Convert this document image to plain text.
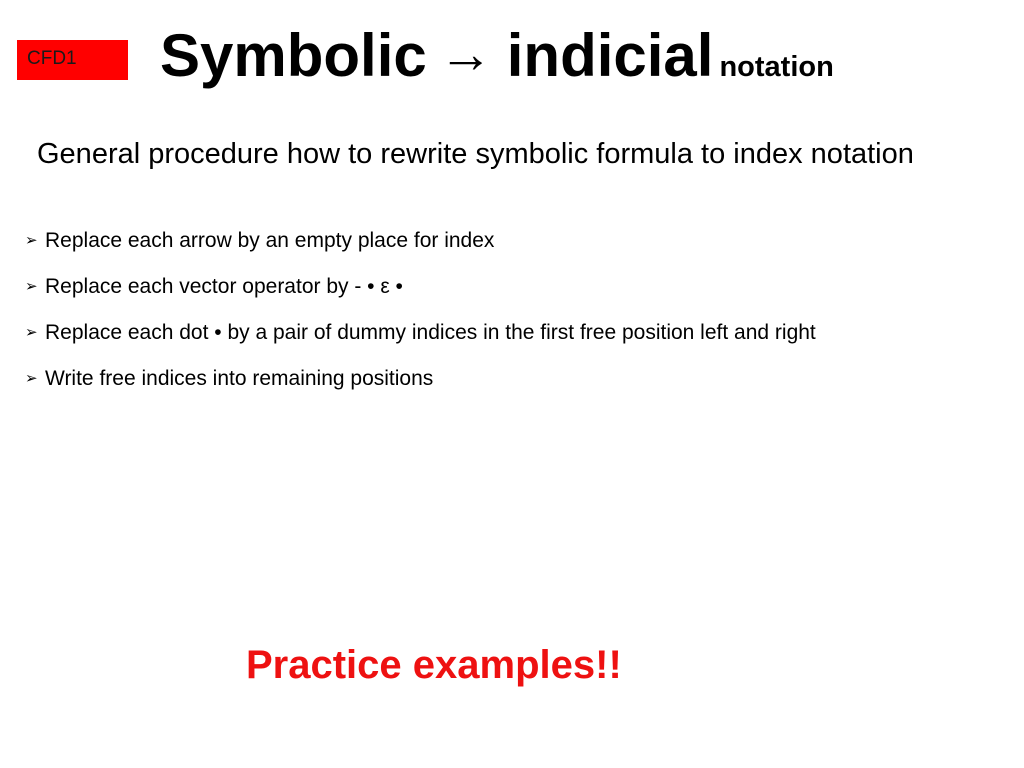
CFD1	Symbolic → indicial notation
General procedure how to rewrite symbolic formula to index notation
➢ Replace each arrow by an empty place for index
➢ Replace each vector operator by - • ε •
➢ Replace each dot • by a pair of dummy indices in the first free position left and right
➢ Write free indices into remaining positions
Practice examples!!
